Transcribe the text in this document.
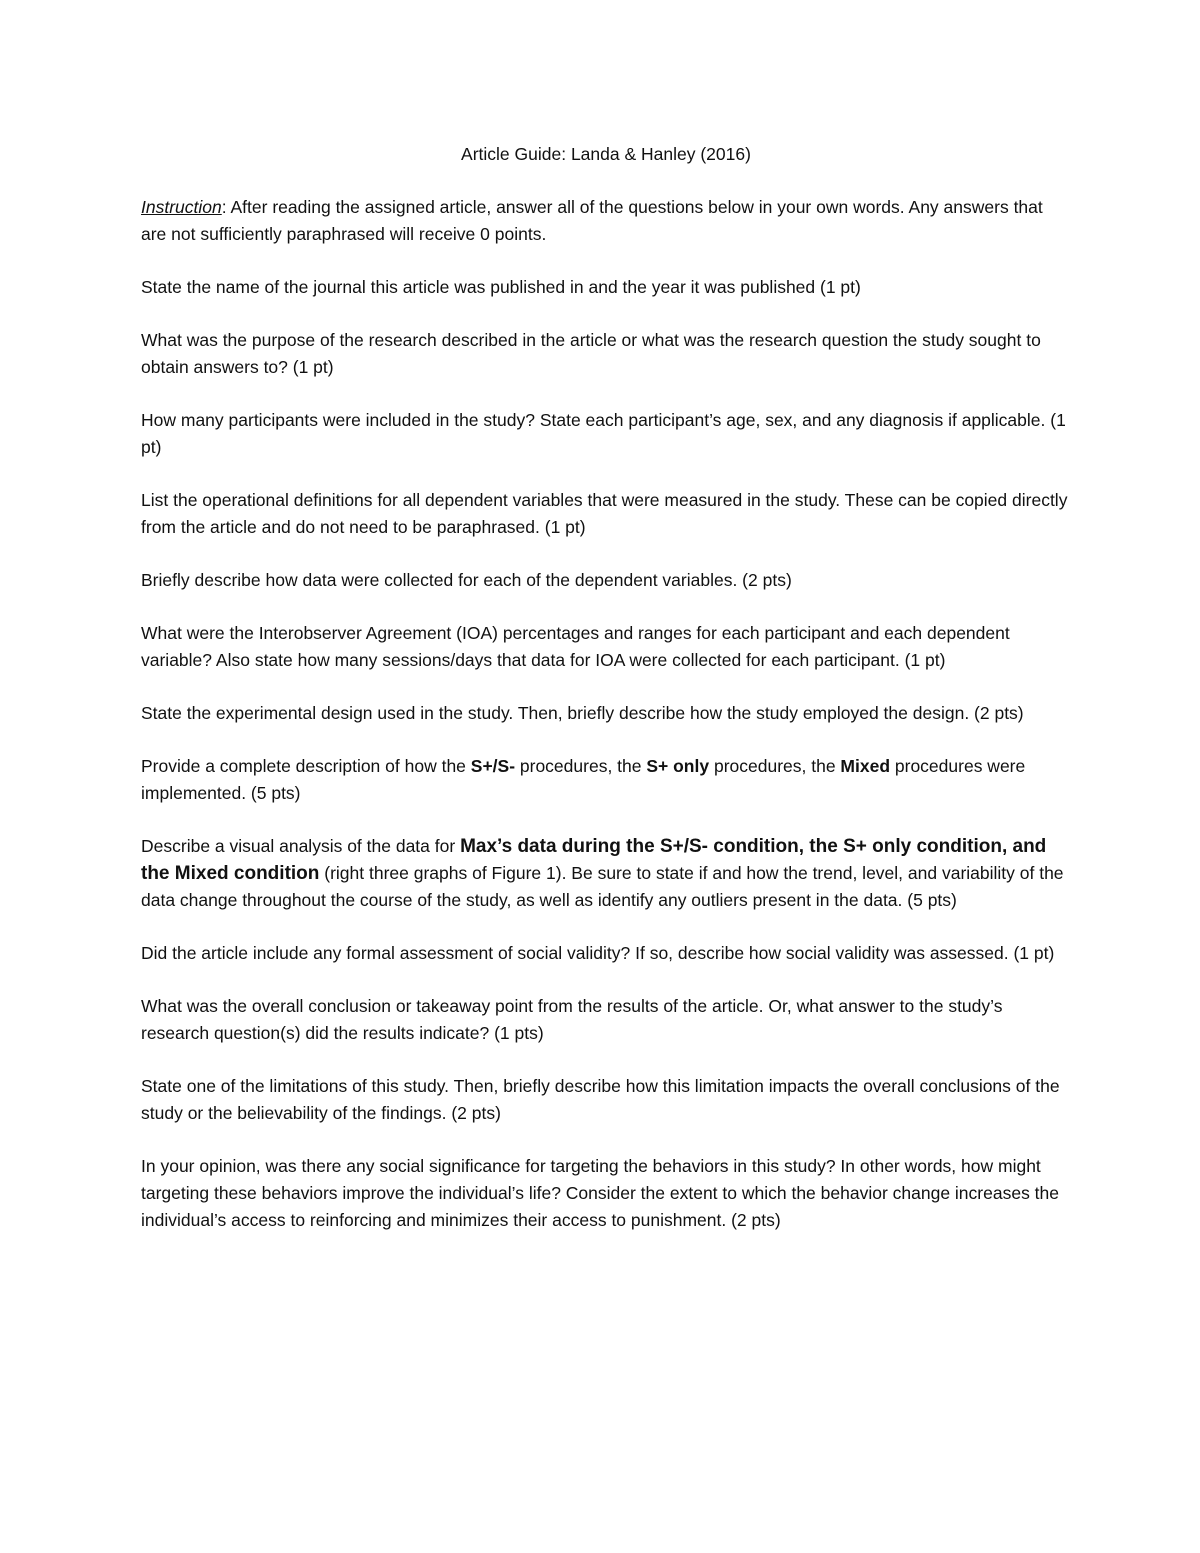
Article Guide: Landa & Hanley (2016)
Instruction: After reading the assigned article, answer all of the questions below in your own words. Any answers that are not sufficiently paraphrased will receive 0 points.
State the name of the journal this article was published in and the year it was published (1 pt)
What was the purpose of the research described in the article or what was the research question the study sought to obtain answers to? (1 pt)
How many participants were included in the study? State each participant’s age, sex, and any diagnosis if applicable. (1 pt)
List the operational definitions for all dependent variables that were measured in the study. These can be copied directly from the article and do not need to be paraphrased. (1 pt)
Briefly describe how data were collected for each of the dependent variables. (2 pts)
What were the Interobserver Agreement (IOA) percentages and ranges for each participant and each dependent variable? Also state how many sessions/days that data for IOA were collected for each participant. (1 pt)
State the experimental design used in the study. Then, briefly describe how the study employed the design. (2 pts)
Provide a complete description of how the S+/S- procedures, the S+ only procedures, the Mixed procedures were implemented. (5 pts)
Describe a visual analysis of the data for Max’s data during the S+/S- condition, the S+ only condition, and the Mixed condition (right three graphs of Figure 1). Be sure to state if and how the trend, level, and variability of the data change throughout the course of the study, as well as identify any outliers present in the data. (5 pts)
Did the article include any formal assessment of social validity? If so, describe how social validity was assessed. (1 pt)
What was the overall conclusion or takeaway point from the results of the article. Or, what answer to the study’s research question(s) did the results indicate? (1 pts)
State one of the limitations of this study. Then, briefly describe how this limitation impacts the overall conclusions of the study or the believability of the findings. (2 pts)
In your opinion, was there any social significance for targeting the behaviors in this study? In other words, how might targeting these behaviors improve the individual’s life? Consider the extent to which the behavior change increases the individual’s access to reinforcing and minimizes their access to punishment. (2 pts)
